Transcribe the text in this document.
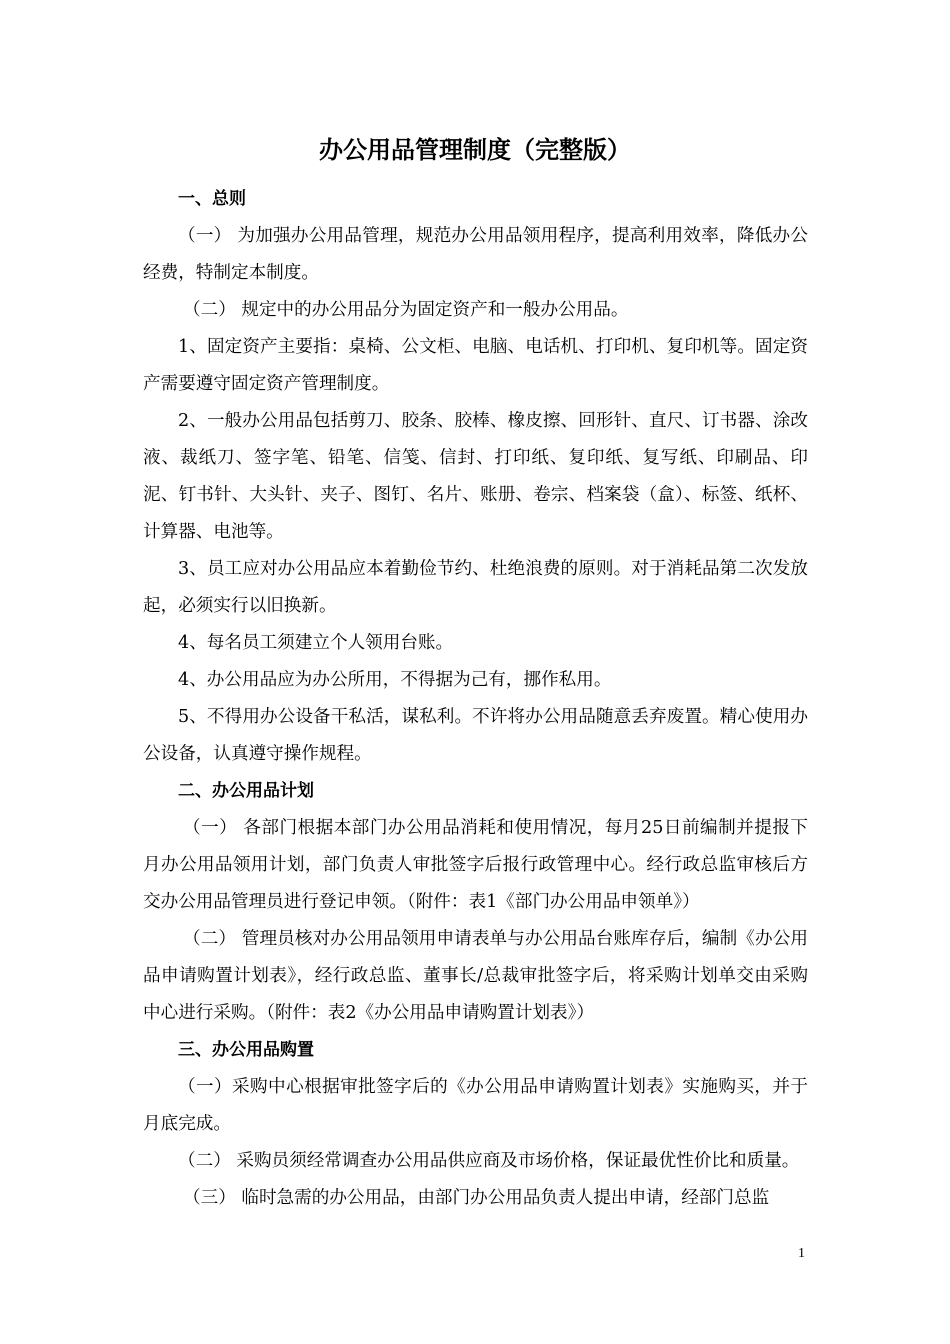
办公用品管理制度（完整版）

一、总则

（一） 为加强办公用品管理，规范办公用品领用程序，提高利用效率，降低办公经费，特制定本制度。

（二） 规定中的办公用品分为固定资产和一般办公用品。

1、固定资产主要指：桌椅、公文柜、电脑、电话机、打印机、复印机等。固定资产需要遵守固定资产管理制度。

2、一般办公用品包括剪刀、胶条、胶棒、橡皮擦、回形针、直尺、订书器、涂改液、裁纸刀、签字笔、铅笔、信笺、信封、打印纸、复印纸、复写纸、印刷品、印泥、钉书针、大头针、夹子、图钉、名片、账册、卷宗、档案袋（盒）、标签、纸杯、计算器、电池等。

3、员工应对办公用品应本着勤俭节约、杜绝浪费的原则。对于消耗品第二次发放起，必须实行以旧换新。

4、每名员工须建立个人领用台账。

4、办公用品应为办公所用，不得据为己有，挪作私用。

5、不得用办公设备干私活，谋私利。不许将办公用品随意丢弃废置。精心使用办公设备，认真遵守操作规程。

二、办公用品计划

（一） 各部门根据本部门办公用品消耗和使用情况，每月25日前编制并提报下月办公用品领用计划，部门负责人审批签字后报行政管理中心。经行政总监审核后方交办公用品管理员进行登记申领。（附件：表1《部门办公用品申领单》）

（二） 管理员核对办公用品领用申请表单与办公用品台账库存后，编制《办公用品申请购置计划表》，经行政总监、董事长/总裁审批签字后，将采购计划单交由采购中心进行采购。（附件：表2《办公用品申请购置计划表》）

三、办公用品购置

（一）采购中心根据审批签字后的《办公用品申请购置计划表》实施购买，并于月底完成。

（二） 采购员须经常调查办公用品供应商及市场价格，保证最优性价比和质量。

（三） 临时急需的办公用品，由部门办公用品负责人提出申请，经部门总监

1
